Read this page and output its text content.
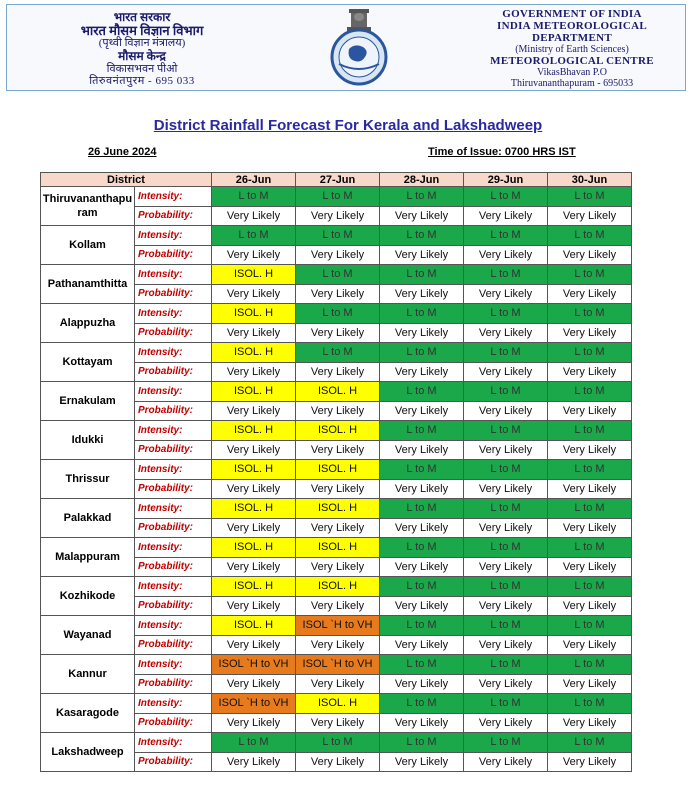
भारत सरकार
भारत मौसम विज्ञान विभाग
(पृथ्वी विज्ञान मंत्रालय)
मौसम केन्द्र
विकासभवन पीओ
तिरुवनंतपुरम - 695 033
GOVERNMENT OF INDIA
INDIA METEOROLOGICAL
DEPARTMENT
(Ministry of Earth Sciences)
METEOROLOGICAL CENTRE
VikasBhavan P.O
Thiruvananthapuram - 695033
District Rainfall Forecast For Kerala and Lakshadweep
26 June 2024	Time of Issue: 0700 HRS IST
District		26-Jun	27-Jun	28-Jun	29-Jun	30-Jun
Thiruvananthapuram	Intensity:	L to M	L to M	L to M	L to M	L to M
	Probability:	Very Likely	Very Likely	Very Likely	Very Likely	Very Likely
Kollam	Intensity:	L to M	L to M	L to M	L to M	L to M
	Probability:	Very Likely	Very Likely	Very Likely	Very Likely	Very Likely
Pathanamthitta	Intensity:	ISOL. H	L to M	L to M	L to M	L to M
	Probability:	Very Likely	Very Likely	Very Likely	Very Likely	Very Likely
Alappuzha	Intensity:	ISOL. H	L to M	L to M	L to M	L to M
	Probability:	Very Likely	Very Likely	Very Likely	Very Likely	Very Likely
Kottayam	Intensity:	ISOL. H	L to M	L to M	L to M	L to M
	Probability:	Very Likely	Very Likely	Very Likely	Very Likely	Very Likely
Ernakulam	Intensity:	ISOL. H	ISOL. H	L to M	L to M	L to M
	Probability:	Very Likely	Very Likely	Very Likely	Very Likely	Very Likely
Idukki	Intensity:	ISOL. H	ISOL. H	L to M	L to M	L to M
	Probability:	Very Likely	Very Likely	Very Likely	Very Likely	Very Likely
Thrissur	Intensity:	ISOL. H	ISOL. H	L to M	L to M	L to M
	Probability:	Very Likely	Very Likely	Very Likely	Very Likely	Very Likely
Palakkad	Intensity:	ISOL. H	ISOL. H	L to M	L to M	L to M
	Probability:	Very Likely	Very Likely	Very Likely	Very Likely	Very Likely
Malappuram	Intensity:	ISOL. H	ISOL. H	L to M	L to M	L to M
	Probability:	Very Likely	Very Likely	Very Likely	Very Likely	Very Likely
Kozhikode	Intensity:	ISOL. H	ISOL. H	L to M	L to M	L to M
	Probability:	Very Likely	Very Likely	Very Likely	Very Likely	Very Likely
Wayanad	Intensity:	ISOL. H	ISOL `H to VH	L to M	L to M	L to M
	Probability:	Very Likely	Very Likely	Very Likely	Very Likely	Very Likely
Kannur	Intensity:	ISOL `H to VH	ISOL `H to VH	L to M	L to M	L to M
	Probability:	Very Likely	Very Likely	Very Likely	Very Likely	Very Likely
Kasaragode	Intensity:	ISOL `H to VH	ISOL. H	L to M	L to M	L to M
	Probability:	Very Likely	Very Likely	Very Likely	Very Likely	Very Likely
Lakshadweep	Intensity:	L to M	L to M	L to M	L to M	L to M
	Probability:	Very Likely	Very Likely	Very Likely	Very Likely	Very Likely
